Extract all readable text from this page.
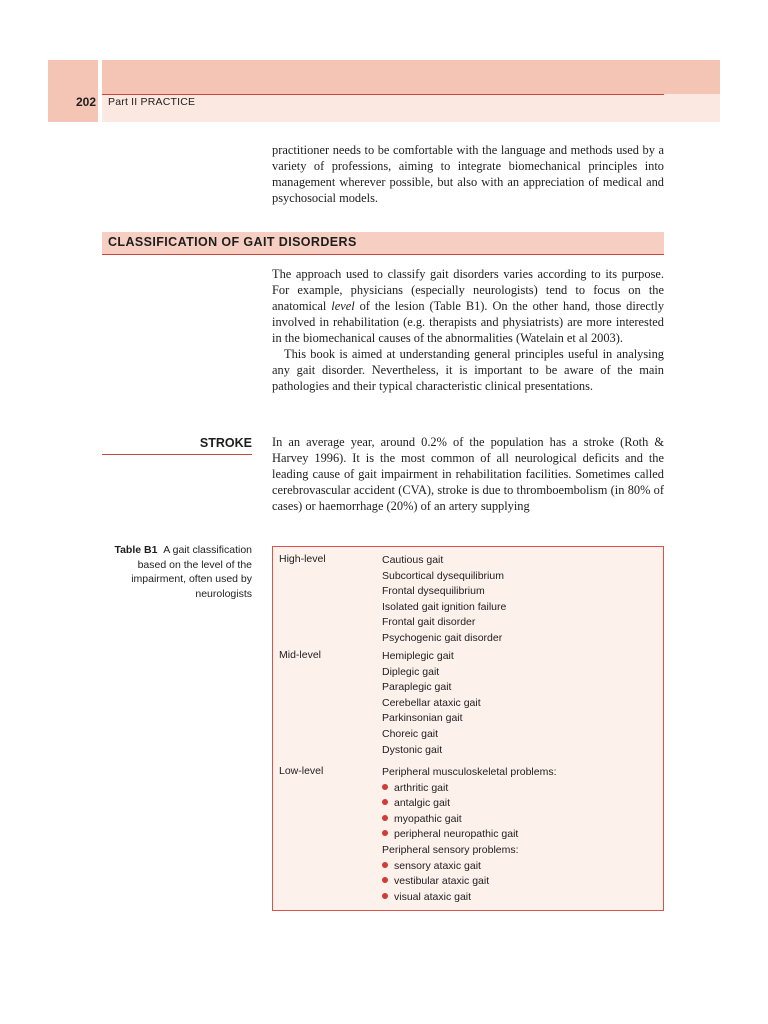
202 Part II PRACTICE

practitioner needs to be comfortable with the language and methods used by a variety of professions, aiming to integrate biomechanical principles into management wherever possible, but also with an appreciation of medical and psychosocial models.

CLASSIFICATION OF GAIT DISORDERS

The approach used to classify gait disorders varies according to its purpose. For example, physicians (especially neurologists) tend to focus on the anatomical level of the lesion (Table B1). On the other hand, those directly involved in rehabilitation (e.g. therapists and physiatrists) are more interested in the biomechanical causes of the abnormalities (Watelain et al 2003).

This book is aimed at understanding general principles useful in analysing any gait disorder. Nevertheless, it is important to be aware of the main pathologies and their typical characteristic clinical presentations.

STROKE In an average year, around 0.2% of the population has a stroke (Roth & Harvey 1996). It is the most common of all neurological deficits and the leading cause of gait impairment in rehabilitation facilities. Sometimes called cerebrovascular accident (CVA), stroke is due to thromboembolism (in 80% of cases) or haemorrhage (20%) of an artery supplying

Table B1 A gait classification based on the level of the impairment, often used by neurologists
High-level	Cautious gait
Subcortical dysequilibrium
Frontal dysequilibrium
Isolated gait ignition failure
Frontal gait disorder
Psychogenic gait disorder
Mid-level	Hemiplegic gait
Diplegic gait
Paraplegic gait
Cerebellar ataxic gait
Parkinsonian gait
Choreic gait
Dystonic gait
Low-level	Peripheral musculoskeletal problems:
arthritic gait
antalgic gait
myopathic gait
peripheral neuropathic gait
Peripheral sensory problems:
sensory ataxic gait
vestibular ataxic gait
visual ataxic gait
